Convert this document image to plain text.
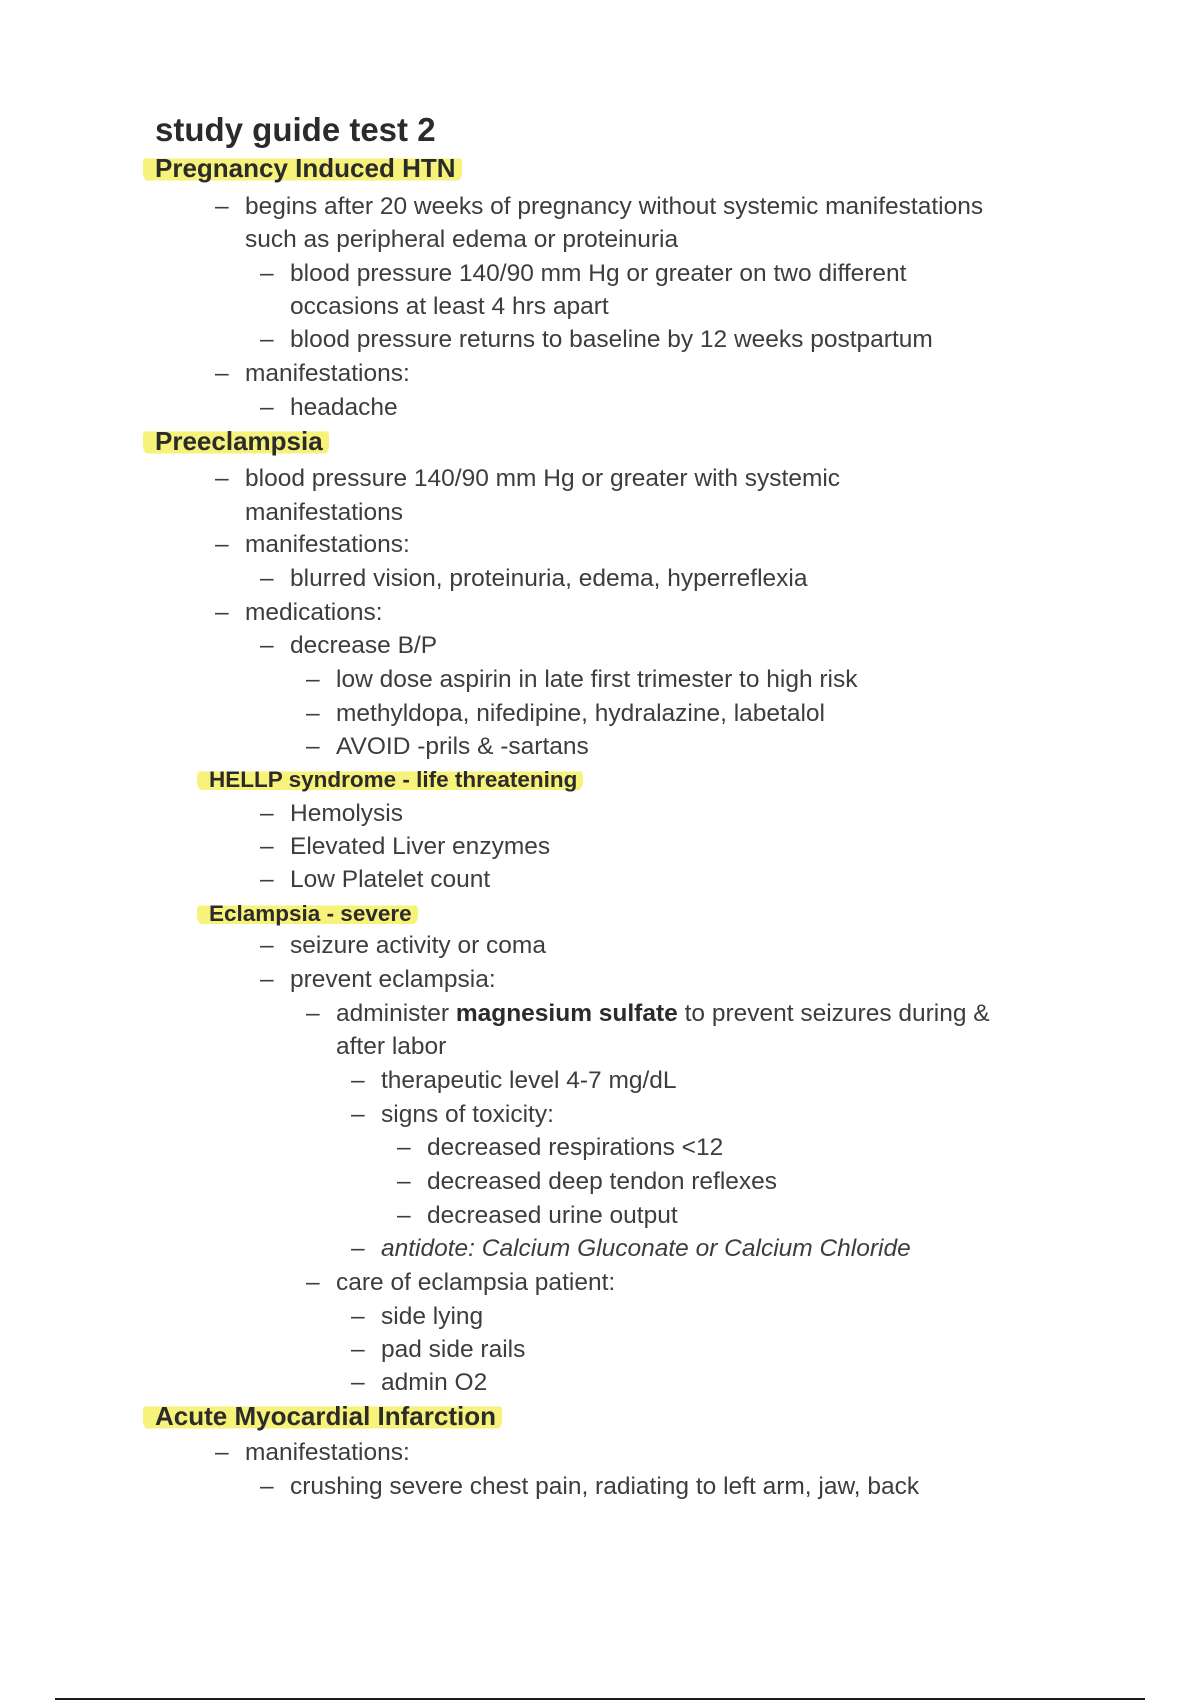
study guide test 2
Pregnancy Induced HTN
– begins after 20 weeks of pregnancy without systemic manifestations
such as peripheral edema or proteinuria
– blood pressure 140/90 mm Hg or greater on two different
occasions at least 4 hrs apart
– blood pressure returns to baseline by 12 weeks postpartum
– manifestations:
– headache
Preeclampsia
– blood pressure 140/90 mm Hg or greater with systemic
manifestations
– manifestations:
– blurred vision, proteinuria, edema, hyperreflexia
– medications:
– decrease B/P
– low dose aspirin in late first trimester to high risk
– methyldopa, nifedipine, hydralazine, labetalol
– AVOID -prils & -sartans
HELLP syndrome - life threatening
– Hemolysis
– Elevated Liver enzymes
– Low Platelet count
Eclampsia - severe
– seizure activity or coma
– prevent eclampsia:
– administer magnesium sulfate to prevent seizures during &
after labor
– therapeutic level 4-7 mg/dL
– signs of toxicity:
– decreased respirations <12
– decreased deep tendon reflexes
– decreased urine output
– antidote: Calcium Gluconate or Calcium Chloride
– care of eclampsia patient:
– side lying
– pad side rails
– admin O2
Acute Myocardial Infarction
– manifestations:
– crushing severe chest pain, radiating to left arm, jaw, back
